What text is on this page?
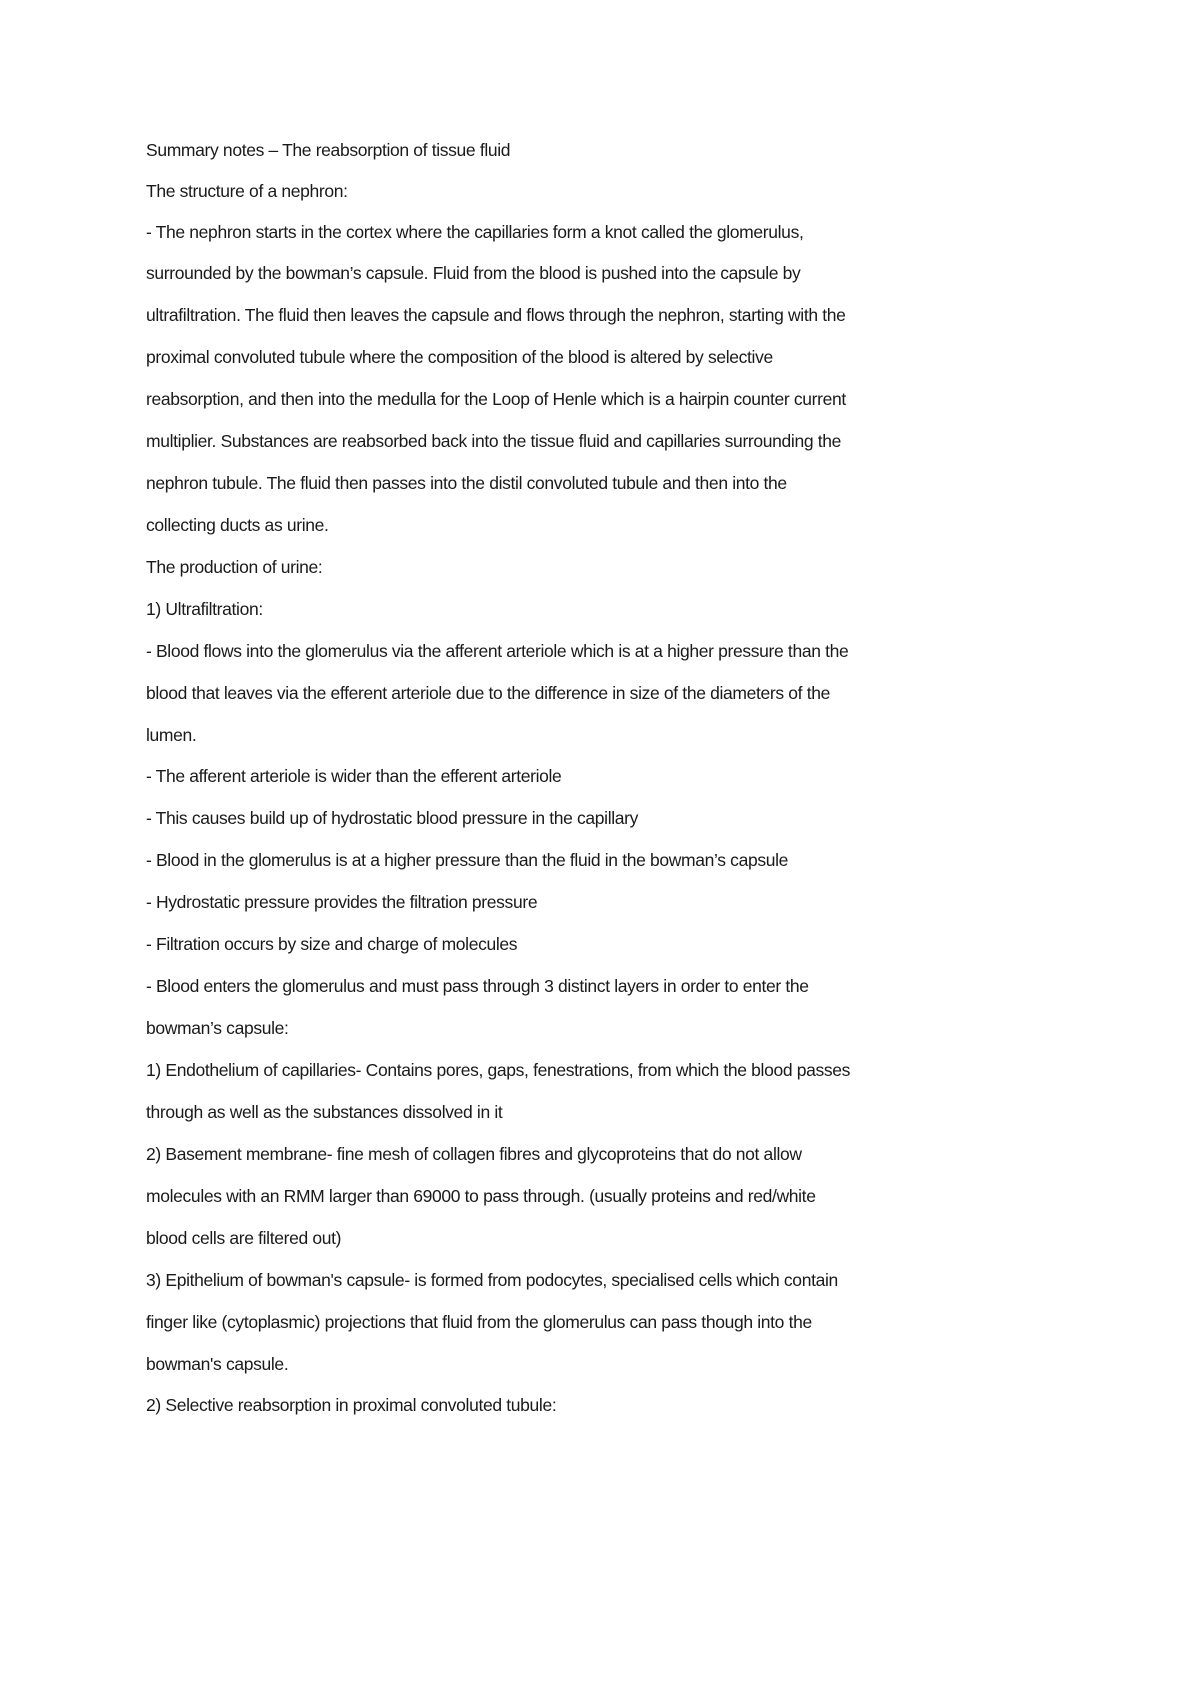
Summary notes – The reabsorption of tissue fluid
The structure of a nephron:
- The nephron starts in the cortex where the capillaries form a knot called the glomerulus,
surrounded by the bowman’s capsule. Fluid from the blood is pushed into the capsule by
ultrafiltration. The fluid then leaves the capsule and flows through the nephron, starting with the
proximal convoluted tubule where the composition of the blood is altered by selective
reabsorption, and then into the medulla for the Loop of Henle which is a hairpin counter current
multiplier. Substances are reabsorbed back into the tissue fluid and capillaries surrounding the
nephron tubule. The fluid then passes into the distil convoluted tubule and then into the
collecting ducts as urine.
The production of urine:
1) Ultrafiltration:
- Blood flows into the glomerulus via the afferent arteriole which is at a higher pressure than the
blood that leaves via the efferent arteriole due to the difference in size of the diameters of the
lumen.
- The afferent arteriole is wider than the efferent arteriole
- This causes build up of hydrostatic blood pressure in the capillary
- Blood in the glomerulus is at a higher pressure than the fluid in the bowman’s capsule
- Hydrostatic pressure provides the filtration pressure
- Filtration occurs by size and charge of molecules
- Blood enters the glomerulus and must pass through 3 distinct layers in order to enter the
bowman’s capsule:
1) Endothelium of capillaries- Contains pores, gaps, fenestrations, from which the blood passes
through as well as the substances dissolved in it
2) Basement membrane- fine mesh of collagen fibres and glycoproteins that do not allow
molecules with an RMM larger than 69000 to pass through. (usually proteins and red/white
blood cells are filtered out)
3) Epithelium of bowman's capsule- is formed from podocytes, specialised cells which contain
finger like (cytoplasmic) projections that fluid from the glomerulus can pass though into the
bowman's capsule.
2) Selective reabsorption in proximal convoluted tubule:
